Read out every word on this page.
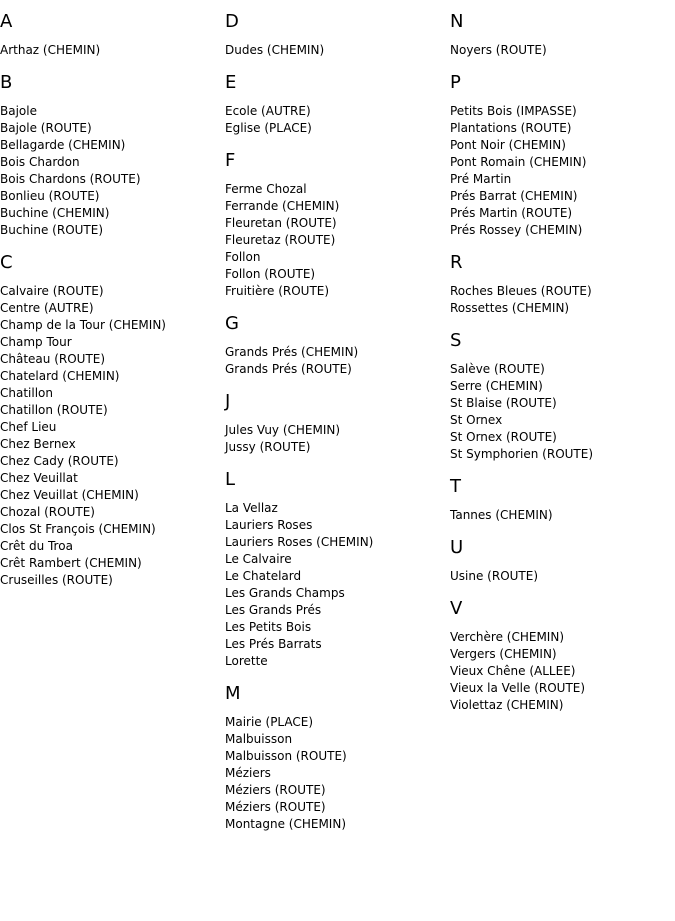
A
Arthaz (CHEMIN)
B
Bajole
Bajole (ROUTE)
Bellagarde (CHEMIN)
Bois Chardon
Bois Chardons (ROUTE)
Bonlieu (ROUTE)
Buchine (CHEMIN)
Buchine (ROUTE)
C
Calvaire (ROUTE)
Centre (AUTRE)
Champ de la Tour (CHEMIN)
Champ Tour
Château (ROUTE)
Chatelard (CHEMIN)
Chatillon
Chatillon (ROUTE)
Chef Lieu
Chez Bernex
Chez Cady (ROUTE)
Chez Veuillat
Chez Veuillat (CHEMIN)
Chozal (ROUTE)
Clos St François (CHEMIN)
Crêt du Troa
Crêt Rambert (CHEMIN)
Cruseilles (ROUTE)
D
Dudes (CHEMIN)
E
Ecole (AUTRE)
Eglise (PLACE)
F
Ferme Chozal
Ferrande (CHEMIN)
Fleuretan (ROUTE)
Fleuretaz (ROUTE)
Follon
Follon (ROUTE)
Fruitière (ROUTE)
G
Grands Prés (CHEMIN)
Grands Prés (ROUTE)
J
Jules Vuy (CHEMIN)
Jussy (ROUTE)
L
La Vellaz
Lauriers Roses
Lauriers Roses (CHEMIN)
Le Calvaire
Le Chatelard
Les Grands Champs
Les Grands Prés
Les Petits Bois
Les Prés Barrats
Lorette
M
Mairie (PLACE)
Malbuisson
Malbuisson (ROUTE)
Méziers
Méziers (ROUTE)
Méziers (ROUTE)
Montagne (CHEMIN)
N
Noyers (ROUTE)
P
Petits Bois (IMPASSE)
Plantations (ROUTE)
Pont Noir (CHEMIN)
Pont Romain (CHEMIN)
Pré Martin
Prés Barrat (CHEMIN)
Prés Martin (ROUTE)
Prés Rossey (CHEMIN)
R
Roches Bleues (ROUTE)
Rossettes (CHEMIN)
S
Salève (ROUTE)
Serre (CHEMIN)
St Blaise (ROUTE)
St Ornex
St Ornex (ROUTE)
St Symphorien (ROUTE)
T
Tannes (CHEMIN)
U
Usine (ROUTE)
V
Verchère (CHEMIN)
Vergers (CHEMIN)
Vieux Chêne (ALLEE)
Vieux la Velle (ROUTE)
Violettaz (CHEMIN)
